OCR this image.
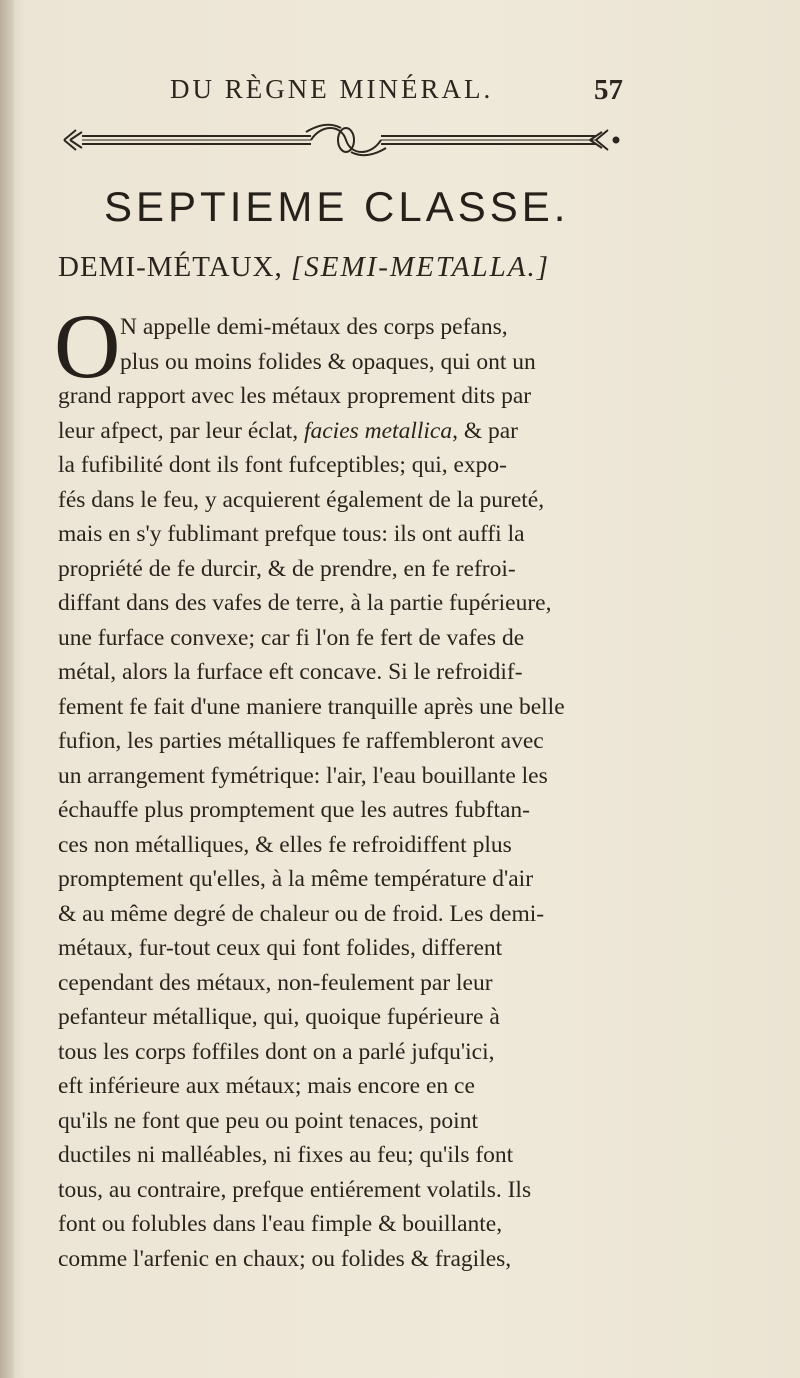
DU RÈGNE MINÉRAL.	57
SEPTIEME CLASSE.
DEMI-MÉTAUX, [SEMI-METALLA.]
O N appelle demi-métaux des corps pefans,
plus ou moins folides & opaques, qui ont un
grand rapport avec les métaux proprement dits par
leur afpect, par leur éclat, facies metallica, & par
la fufibilité dont ils font fufceptibles; qui, expo-
fés dans le feu, y acquierent également de la pureté,
mais en s'y fublimant prefque tous: ils ont auffi la
propriété de fe durcir, & de prendre, en fe refroi-
diffant dans des vafes de terre, à la partie fupérieure,
une furface convexe; car fi l'on fe fert de vafes de
métal, alors la furface eft concave. Si le refroidif-
fement fe fait d'une maniere tranquille après une belle
fufion, les parties métalliques fe raffembleront avec
un arrangement fymétrique: l'air, l'eau bouillante les
échauffe plus promptement que les autres fubftan-
ces non métalliques, & elles fe refroidiffent plus
promptement qu'elles, à la même température d'air
& au même degré de chaleur ou de froid. Les demi-
métaux, fur-tout ceux qui font folides, different
cependant des métaux, non-feulement par leur
pefanteur métallique, qui, quoique fupérieure à
tous les corps foffiles dont on a parlé jufqu'ici,
eft inférieure aux métaux; mais encore en ce
qu'ils ne font que peu ou point tenaces, point
ductiles ni malléables, ni fixes au feu; qu'ils font
tous, au contraire, prefque entiérement volatils. Ils
font ou folubles dans l'eau fimple & bouillante,
comme l'arfenic en chaux; ou folides & fragiles,
